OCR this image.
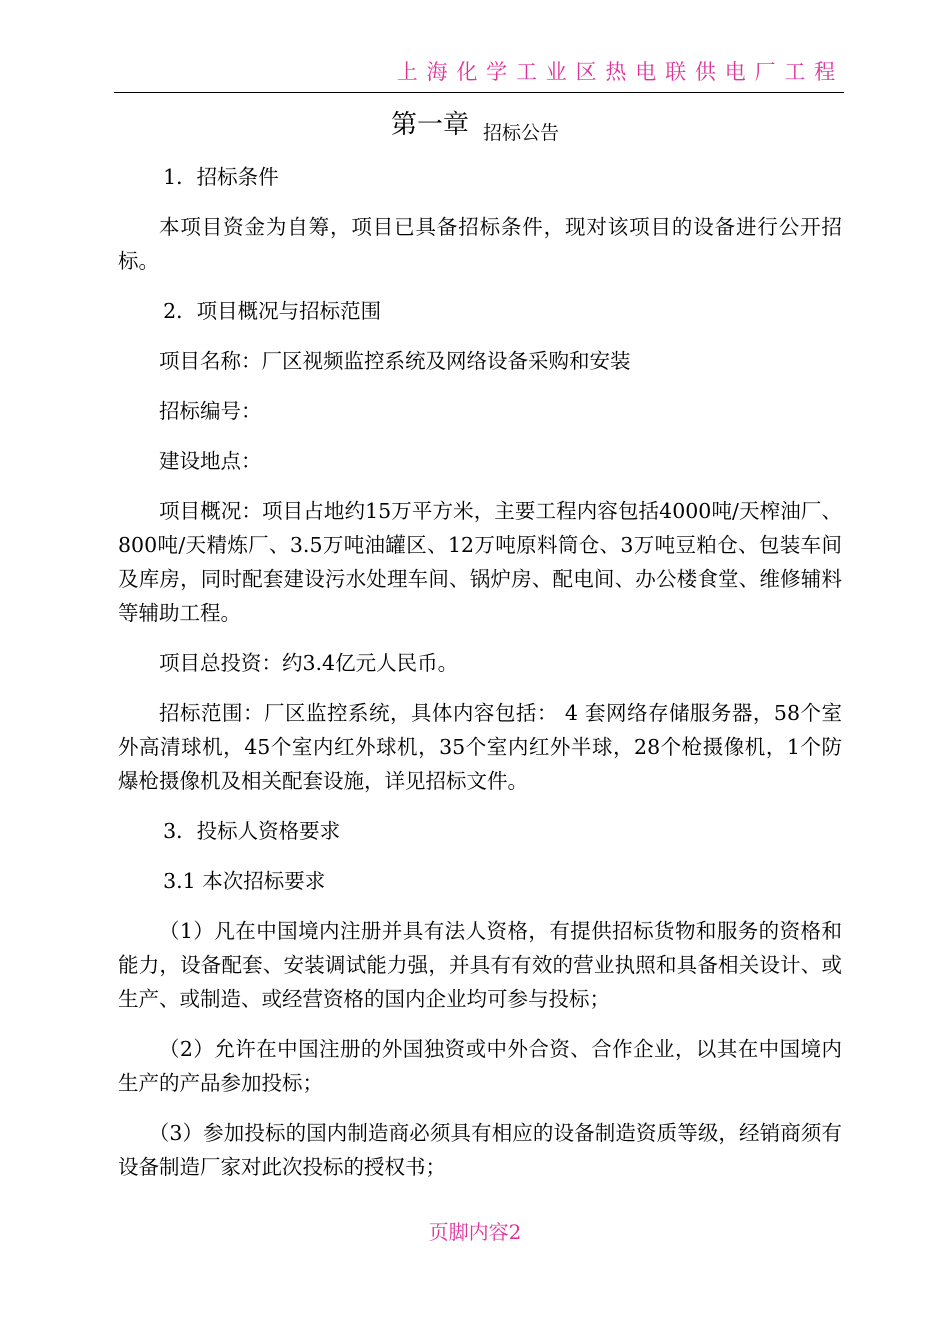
上海化学工业区热电联供电厂工程
第一章 招标公告

1．招标条件

本项目资金为自筹，项目已具备招标条件，现对该项目的设备进行公开招标。

2．项目概况与招标范围

项目名称：厂区视频监控系统及网络设备采购和安装

招标编号：

建设地点：

项目概况：项目占地约15万平方米，主要工程内容包括4000吨/天榨油厂、800吨/天精炼厂、3.5万吨油罐区、12万吨原料筒仓、3万吨豆粕仓、包装车间及库房，同时配套建设污水处理车间、锅炉房、配电间、办公楼食堂、维修辅料等辅助工程。

项目总投资：约3.4亿元人民币。

招标范围：厂区监控系统，具体内容包括： 4 套网络存储服务器，58个室外高清球机，45个室内红外球机，35个室内红外半球，28个枪摄像机，1个防爆枪摄像机及相关配套设施，详见招标文件。

3．投标人资格要求

3.1 本次招标要求

（1）凡在中国境内注册并具有法人资格，有提供招标货物和服务的资格和能力，设备配套、安装调试能力强，并具有有效的营业执照和具备相关设计、或生产、或制造、或经营资格的国内企业均可参与投标；

（2）允许在中国注册的外国独资或中外合资、合作企业，以其在中国境内生产的产品参加投标；

（3）参加投标的国内制造商必须具有相应的设备制造资质等级，经销商须有设备制造厂家对此次投标的授权书；

页脚内容2
